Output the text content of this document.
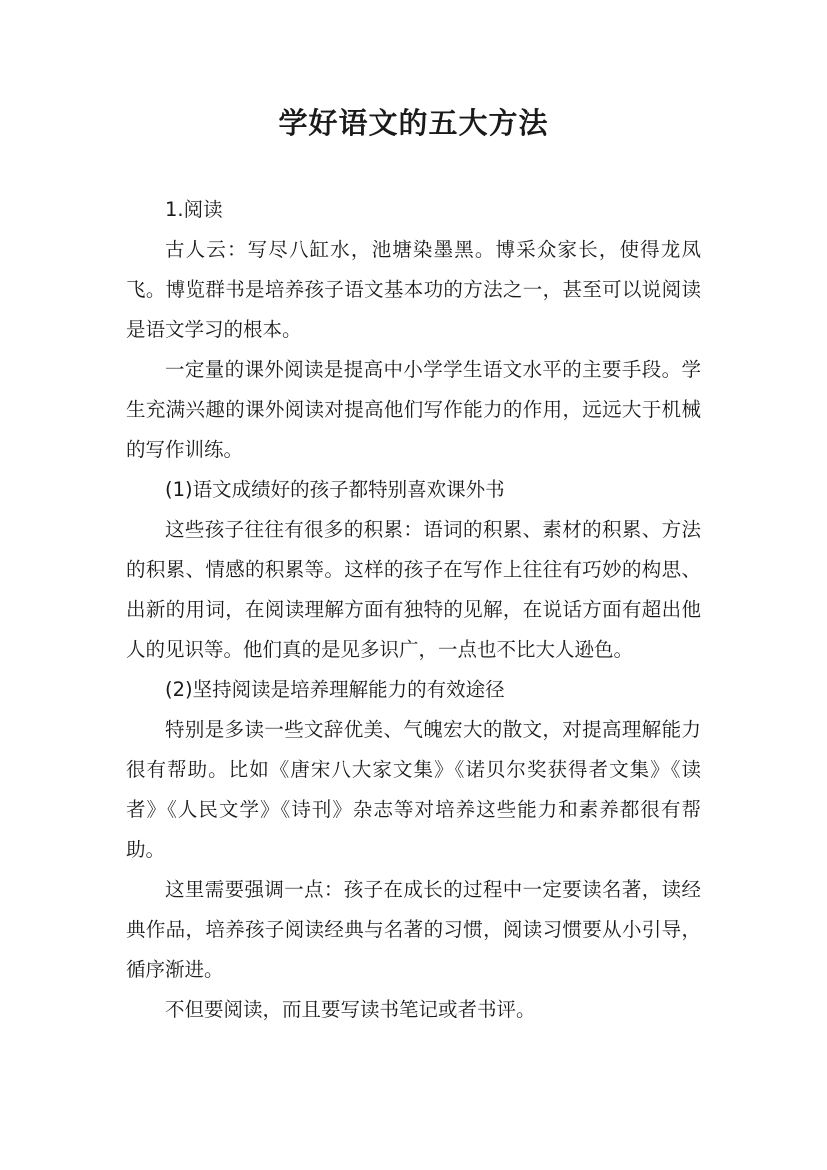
学好语文的五大方法

1.阅读

古人云：写尽八缸水，池塘染墨黑。博采众家长，使得龙凤飞。博览群书是培养孩子语文基本功的方法之一，甚至可以说阅读是语文学习的根本。

一定量的课外阅读是提高中小学学生语文水平的主要手段。学生充满兴趣的课外阅读对提高他们写作能力的作用，远远大于机械的写作训练。

(1)语文成绩好的孩子都特别喜欢课外书

这些孩子往往有很多的积累：语词的积累、素材的积累、方法的积累、情感的积累等。这样的孩子在写作上往往有巧妙的构思、出新的用词，在阅读理解方面有独特的见解，在说话方面有超出他人的见识等。他们真的是见多识广，一点也不比大人逊色。

(2)坚持阅读是培养理解能力的有效途径

特别是多读一些文辞优美、气魄宏大的散文，对提高理解能力很有帮助。比如《唐宋八大家文集》《诺贝尔奖获得者文集》《读者》《人民文学》《诗刊》杂志等对培养这些能力和素养都很有帮助。

这里需要强调一点：孩子在成长的过程中一定要读名著，读经典作品，培养孩子阅读经典与名著的习惯，阅读习惯要从小引导，循序渐进。

不但要阅读，而且要写读书笔记或者书评。
